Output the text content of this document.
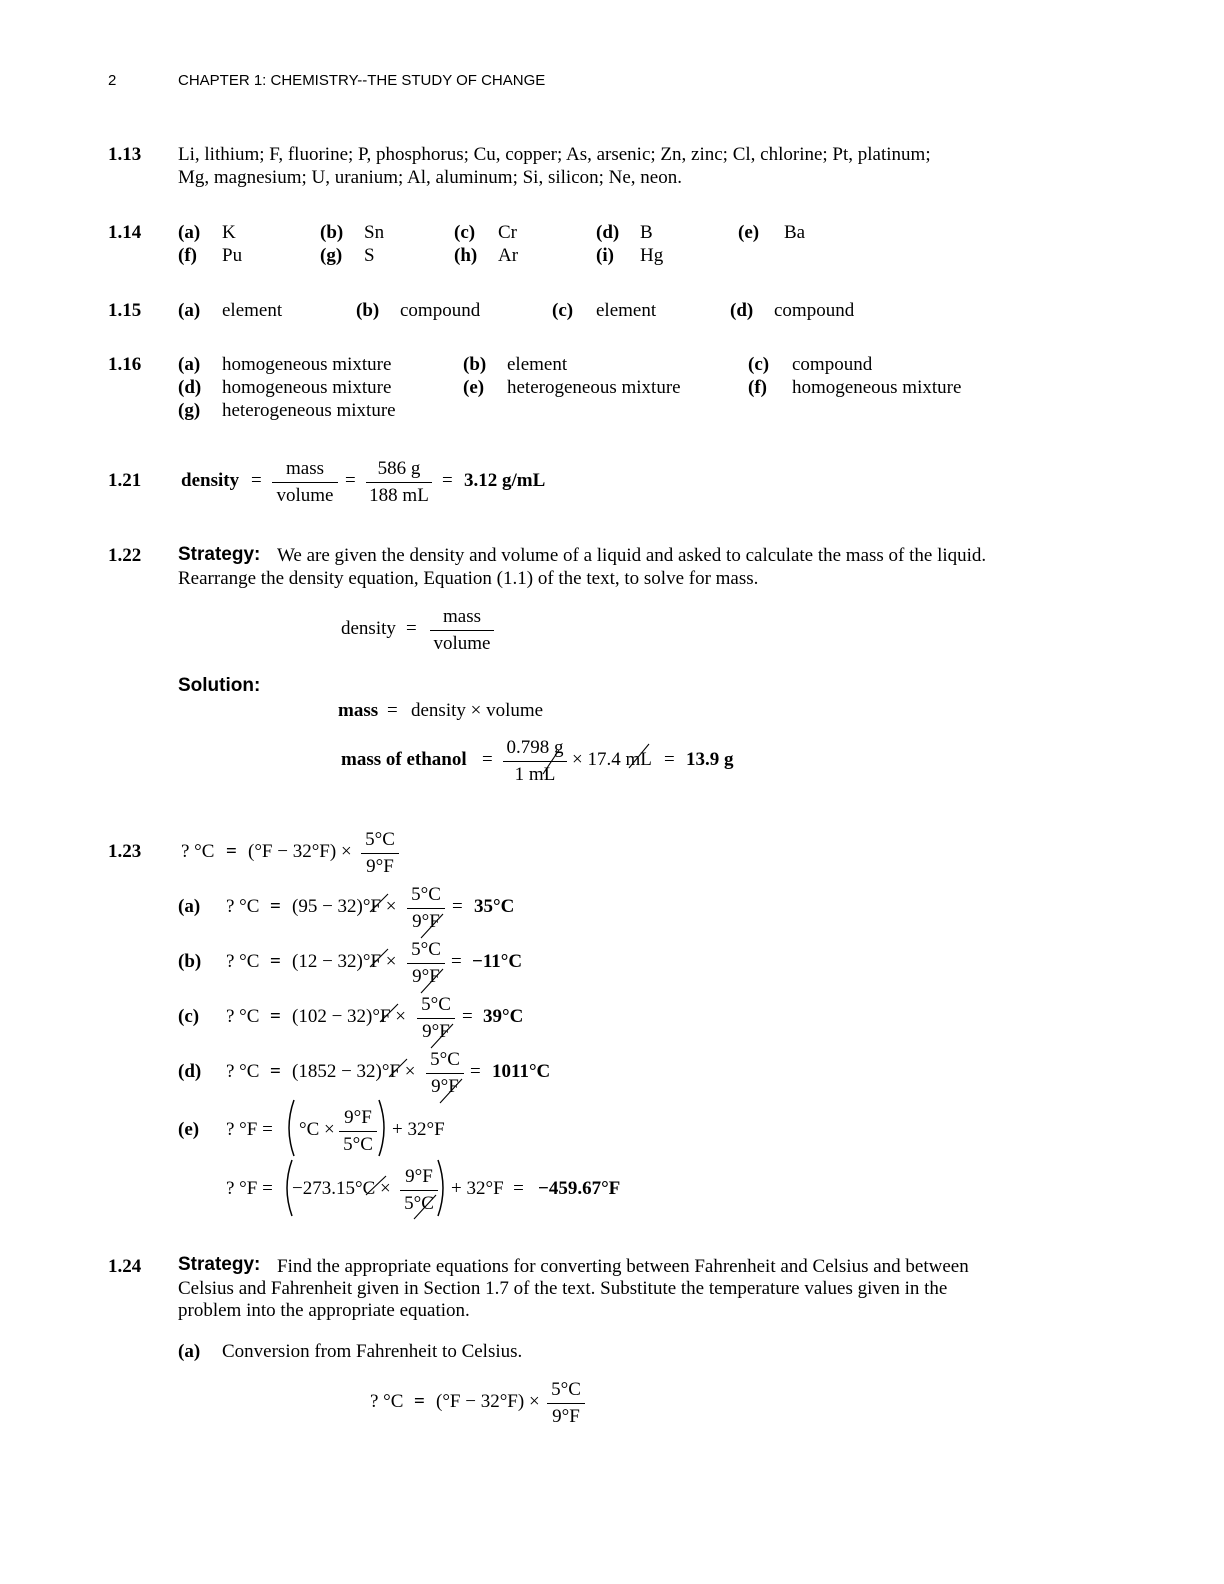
2	CHAPTER 1: CHEMISTRY--THE STUDY OF CHANGE
1.13 Li, lithium; F, fluorine; P, phosphorus; Cu, copper; As, arsenic; Zn, zinc; Cl, chlorine; Pt, platinum;
Mg, magnesium; U, uranium; Al, aluminum; Si, silicon; Ne, neon.
1.14 (a) K	(b) Sn	(c) Cr	(d) B	(e) Ba
(f) Pu	(g) S	(h) Ar	(i) Hg
1.15 (a) element	(b) compound	(c) element	(d) compound
1.16 (a) homogeneous mixture	(b) element	(c) compound
(d) homogeneous mixture	(e) heterogeneous mixture	(f) homogeneous mixture
(g) heterogeneous mixture
1.21 density =
mass
volume
=
586 g
188 mL
= 3.12 g/mL
1.22 Strategy: We are given the density and volume of a liquid and asked to calculate the mass of the liquid.
Rearrange the density equation, Equation (1.1) of the text, to solve for mass.
density =
mass
volume
Solution:
mass = density × volume
mass of ethanol =
0.798 g
1 mL
× 17.4 mL = 13.9 g
1.23 ? °C = (°F − 32°F) ×
5°C
9°F
(a) ? °C = (95 − 32)°F ×
5°C
9°F
= 35°C
(b) ? °C = (12 − 32)°F ×
5°C
9°F
= −11°C
(c) ? °C = (102 − 32)°F ×
5°C
9°F
= 39°C
(d) ? °C = (1852 − 32)°F ×
5°C
9°F
= 1011°C
(e) ? °F = °C ×
9°F
5°C
+ 32°F
? °F = −273.15°C ×
9°F
5°C
+ 32°F  = −459.67°F
1.24 Strategy: Find the appropriate equations for converting between Fahrenheit and Celsius and between
Celsius and Fahrenheit given in Section 1.7 of the text. Substitute the temperature values given in the
problem into the appropriate equation.
(a) Conversion from Fahrenheit to Celsius.
? °C = (°F − 32°F) ×
5°C
9°F
